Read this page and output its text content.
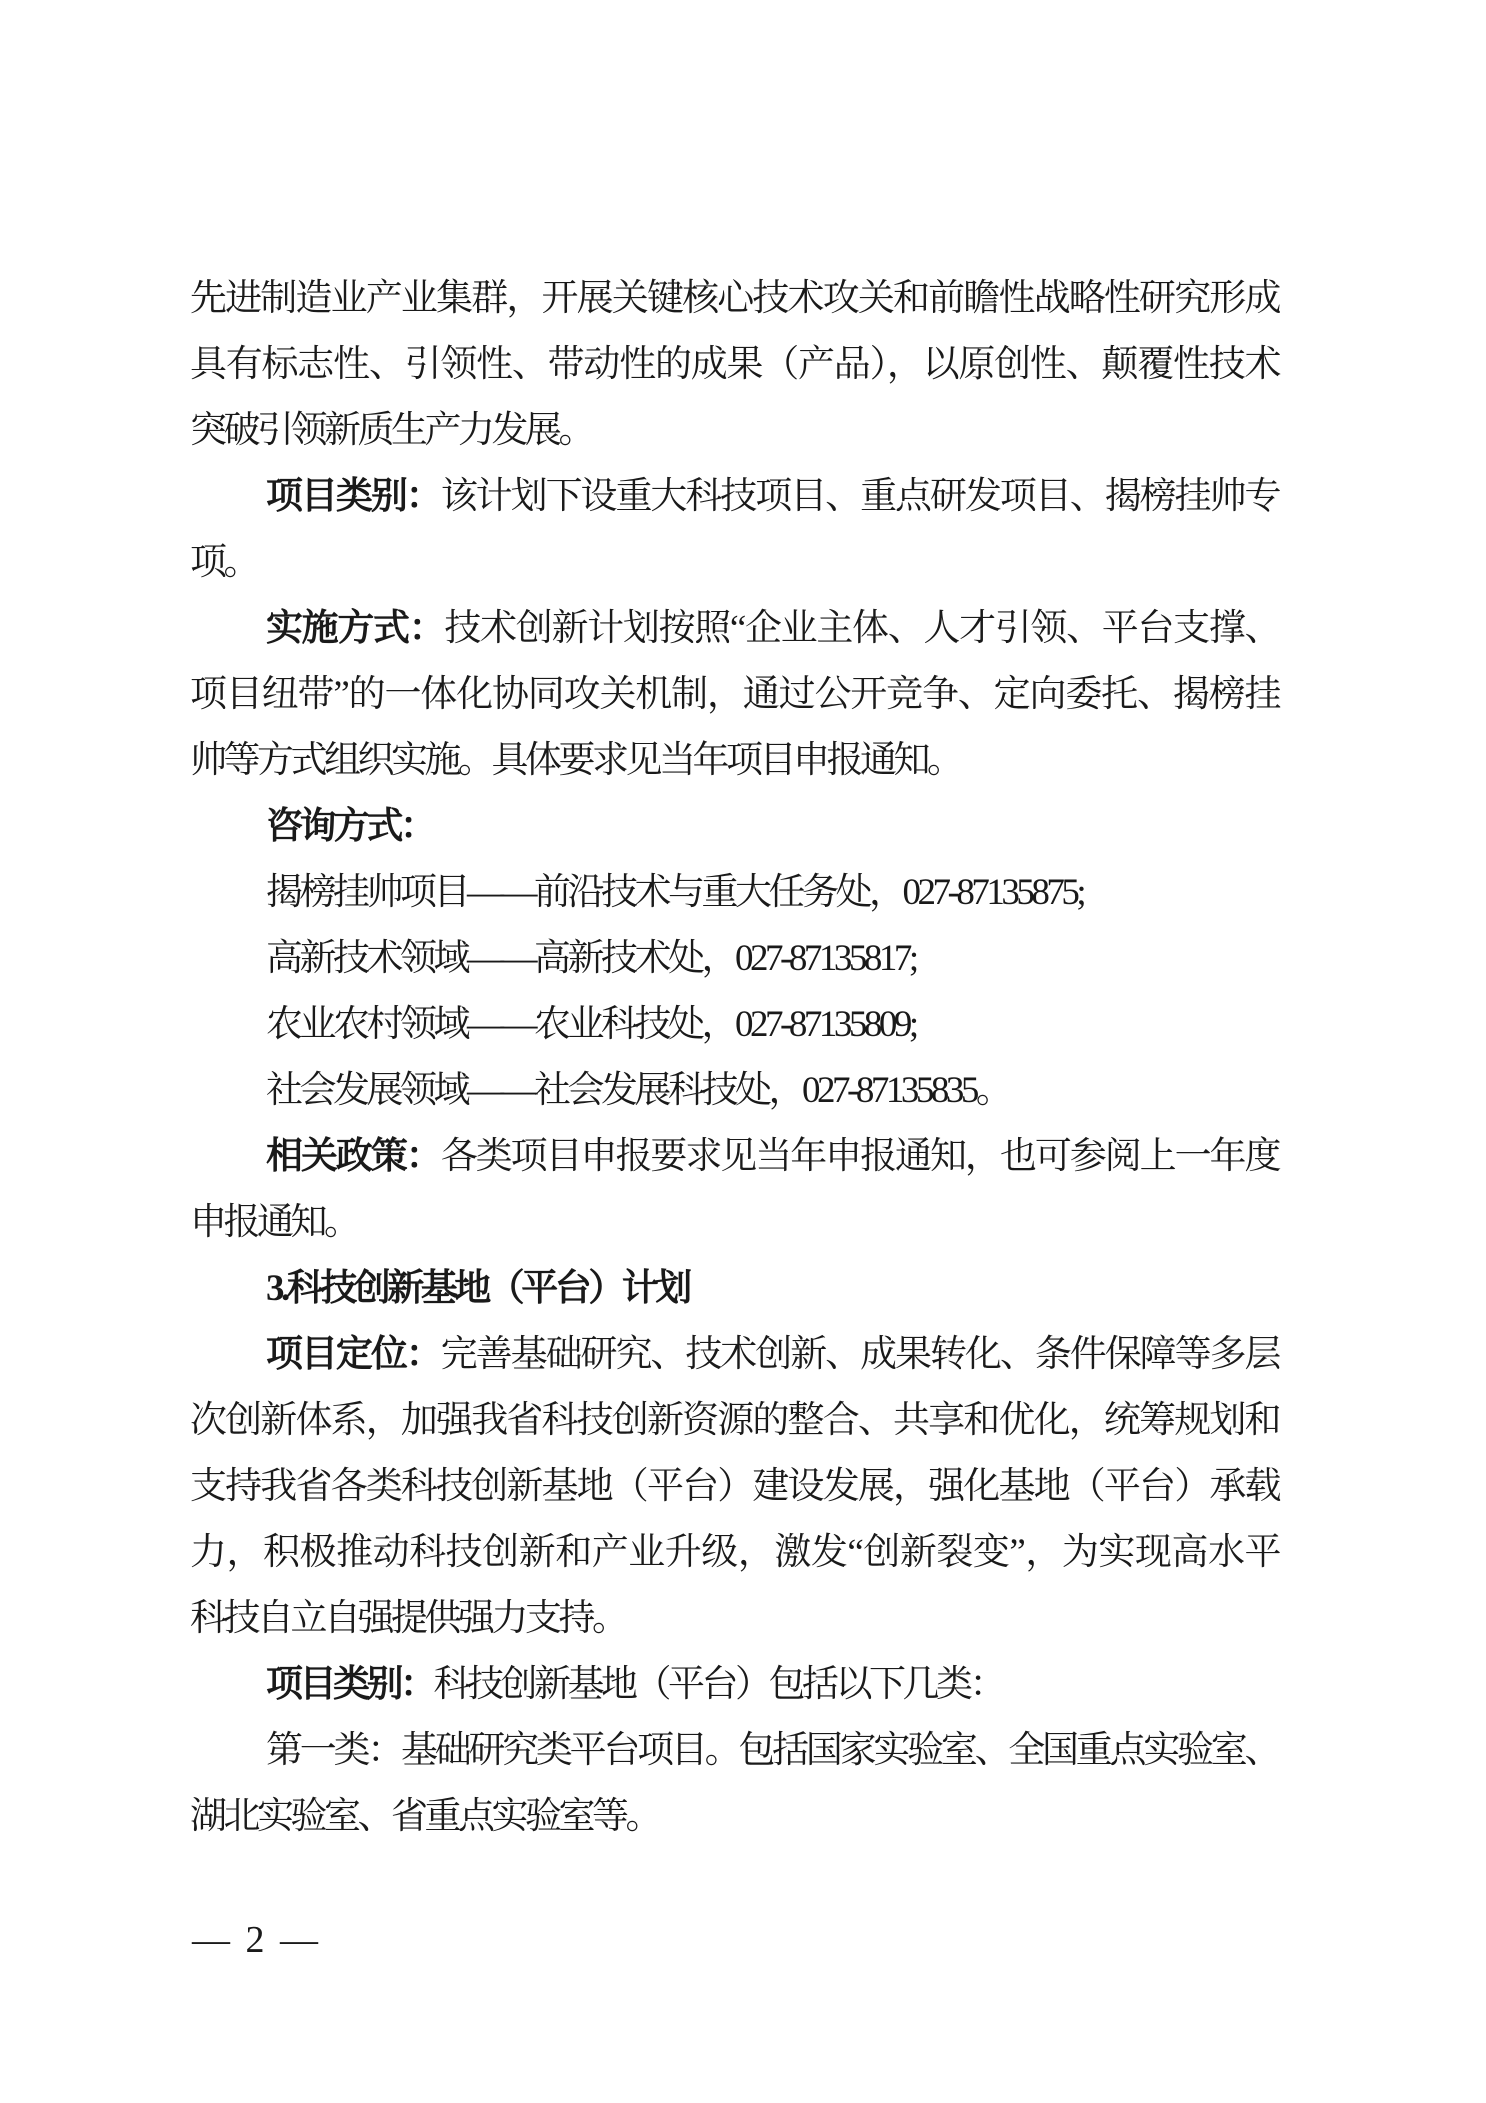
先进制造业产业集群，开展关键核心技术攻关和前瞻性战略性研究形成
具有标志性、引领性、带动性的成果（产品），以原创性、颠覆性技术
突破引领新质生产力发展。
项目类别：该计划下设重大科技项目、重点研发项目、揭榜挂帅专
项。
实施方式：技术创新计划按照“企业主体、人才引领、平台支撑、
项目纽带”的一体化协同攻关机制，通过公开竞争、定向委托、揭榜挂
帅等方式组织实施。具体要求见当年项目申报通知。
咨询方式：
揭榜挂帅项目——前沿技术与重大任务处，027-87135875;
高新技术领域——高新技术处，027-87135817;
农业农村领域——农业科技处，027-87135809;
社会发展领域——社会发展科技处，027-87135835。
相关政策：各类项目申报要求见当年申报通知，也可参阅上一年度
申报通知。
3.科技创新基地（平台）计划
项目定位：完善基础研究、技术创新、成果转化、条件保障等多层
次创新体系，加强我省科技创新资源的整合、共享和优化，统筹规划和
支持我省各类科技创新基地（平台）建设发展，强化基地（平台）承载
力，积极推动科技创新和产业升级，激发“创新裂变”，为实现高水平
科技自立自强提供强力支持。
项目类别：科技创新基地（平台）包括以下几类：
第一类：基础研究类平台项目。包括国家实验室、全国重点实验室、
湖北实验室、省重点实验室等。
— 2 —
